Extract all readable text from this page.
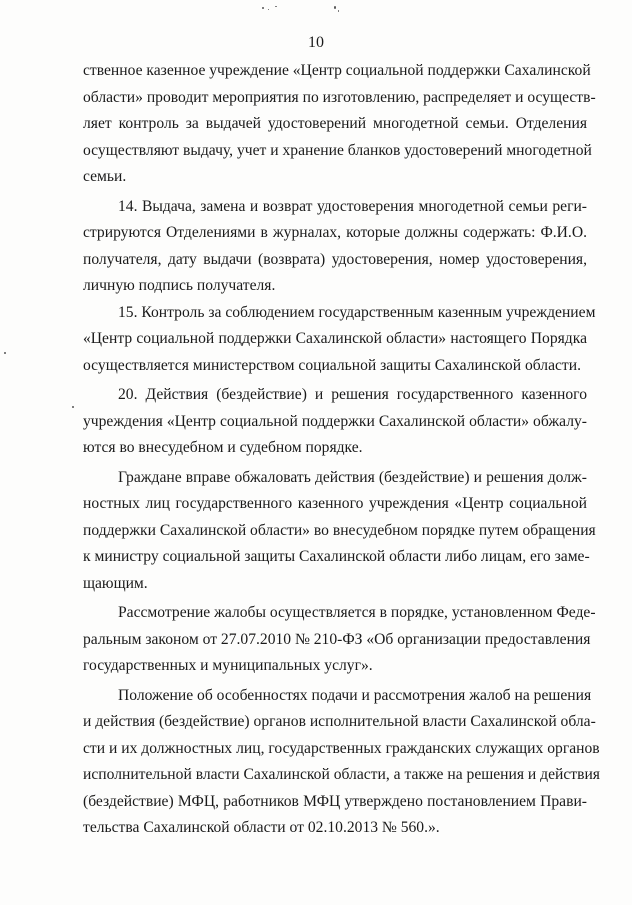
10
ственное казенное учреждение «Центр социальной поддержки Сахалинской
области» проводит мероприятия по изготовлению, распределяет и осуществ-
ляет контроль за выдачей удостоверений многодетной семьи. Отделения
осуществляют выдачу, учет и хранение бланков удостоверений многодетной
семьи.
14. Выдача, замена и возврат удостоверения многодетной семьи реги-
стрируются Отделениями в журналах, которые должны содержать: Ф.И.О.
получателя, дату выдачи (возврата) удостоверения, номер удостоверения,
личную подпись получателя.
15. Контроль за соблюдением государственным казенным учреждением
«Центр социальной поддержки Сахалинской области» настоящего Порядка
осуществляется министерством социальной защиты Сахалинской области.
20. Действия (бездействие) и решения государственного казенного
учреждения «Центр социальной поддержки Сахалинской области» обжалу-
ются во внесудебном и судебном порядке.
Граждане вправе обжаловать действия (бездействие) и решения долж-
ностных лиц государственного казенного учреждения «Центр социальной
поддержки Сахалинской области» во внесудебном порядке путем обращения
к министру социальной защиты Сахалинской области либо лицам, его заме-
щающим.
Рассмотрение жалобы осуществляется в порядке, установленном Феде-
ральным законом от 27.07.2010 № 210-ФЗ «Об организации предоставления
государственных и муниципальных услуг».
Положение об особенностях подачи и рассмотрения жалоб на решения
и действия (бездействие) органов исполнительной власти Сахалинской обла-
сти и их должностных лиц, государственных гражданских служащих органов
исполнительной власти Сахалинской области, а также на решения и действия
(бездействие) МФЦ, работников МФЦ утверждено постановлением Прави-
тельства Сахалинской области от 02.10.2013 № 560.».
